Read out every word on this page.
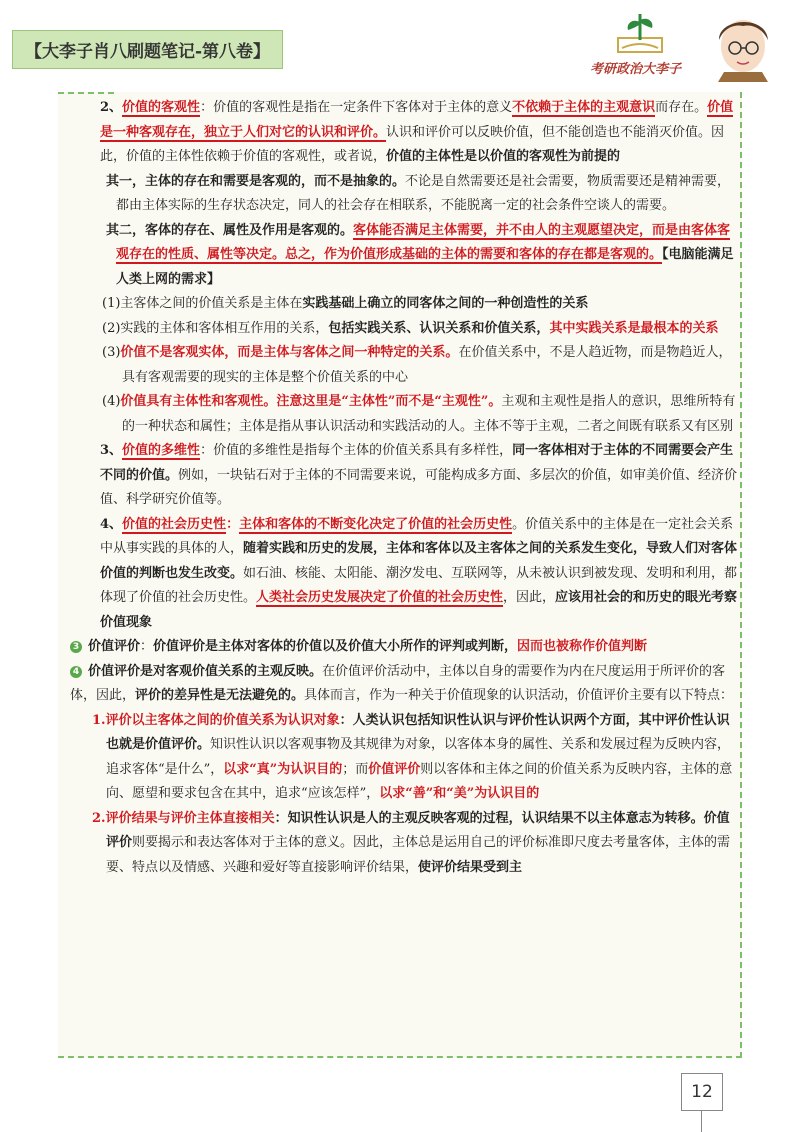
【大李子肖八刷题笔记-第八卷】
考研政治大李子

2、价值的客观性：价值的客观性是指在一定条件下客体对于主体的意义不依赖于主体的主观意识而存在。价值是一种客观存在，独立于人们对它的认识和评价。认识和评价可以反映价值，但不能创造也不能消灭价值。因此，价值的主体性依赖于价值的客观性，或者说，价值的主体性是以价值的客观性为前提的

其一，主体的存在和需要是客观的，而不是抽象的。不论是自然需要还是社会需要，物质需要还是精神需要，都由主体实际的生存状态决定，同人的社会存在相联系，不能脱离一定的社会条件空谈人的需要。

其二，客体的存在、属性及作用是客观的。客体能否满足主体需要，并不由人的主观愿望决定，而是由客体客观存在的性质、属性等决定。总之，作为价值形成基础的主体的需要和客体的存在都是客观的。【电脑能满足人类上网的需求】

(1)主客体之间的价值关系是主体在实践基础上确立的同客体之间的一种创造性的关系

(2)实践的主体和客体相互作用的关系，包括实践关系、认识关系和价值关系，其中实践关系是最根本的关系

(3)价值不是客观实体，而是主体与客体之间一种特定的关系。在价值关系中，不是人趋近物，而是物趋近人，具有客观需要的现实的主体是整个价值关系的中心

(4)价值具有主体性和客观性。注意这里是“主体性”而不是“主观性”。主观和主观性是指人的意识，思维所特有的一种状态和属性；主体是指从事认识活动和实践活动的人。主体不等于主观，二者之间既有联系又有区别

3、价值的多维性：价值的多维性是指每个主体的价值关系具有多样性，同一客体相对于主体的不同需要会产生不同的价值。例如，一块钻石对于主体的不同需要来说，可能构成多方面、多层次的价值，如审美价值、经济价值、科学研究价值等。

4、价值的社会历史性：主体和客体的不断变化决定了价值的社会历史性。价值关系中的主体是在一定社会关系中从事实践的具体的人，随着实践和历史的发展，主体和客体以及主客体之间的关系发生变化，导致人们对客体价值的判断也发生改变。如石油、核能、太阳能、潮汐发电、互联网等，从未被认识到被发现、发明和利用，都体现了价值的社会历史性。人类社会历史发展决定了价值的社会历史性，因此，应该用社会的和历史的眼光考察价值现象

3 价值评价：价值评价是主体对客体的价值以及价值大小所作的评判或判断，因而也被称作价值判断

4 价值评价是对客观价值关系的主观反映。在价值评价活动中，主体以自身的需要作为内在尺度运用于所评价的客体，因此，评价的差异性是无法避免的。具体而言，作为一种关于价值现象的认识活动，价值评价主要有以下特点：

1.评价以主客体之间的价值关系为认识对象：人类认识包括知识性认识与评价性认识两个方面，其中评价性认识也就是价值评价。知识性认识以客观事物及其规律为对象，以客体本身的属性、关系和发展过程为反映内容，追求客体“是什么”，以求“真”为认识目的；而价值评价则以客体和主体之间的价值关系为反映内容，主体的意向、愿望和要求包含在其中，追求“应该怎样”，以求“善”和“美”为认识目的

2.评价结果与评价主体直接相关：知识性认识是人的主观反映客观的过程，认识结果不以主体意志为转移。价值评价则要揭示和表达客体对于主体的意义。因此，主体总是运用自己的评价标准即尺度去考量客体，主体的需要、特点以及情感、兴趣和爱好等直接影响评价结果，使评价结果受到主

12
